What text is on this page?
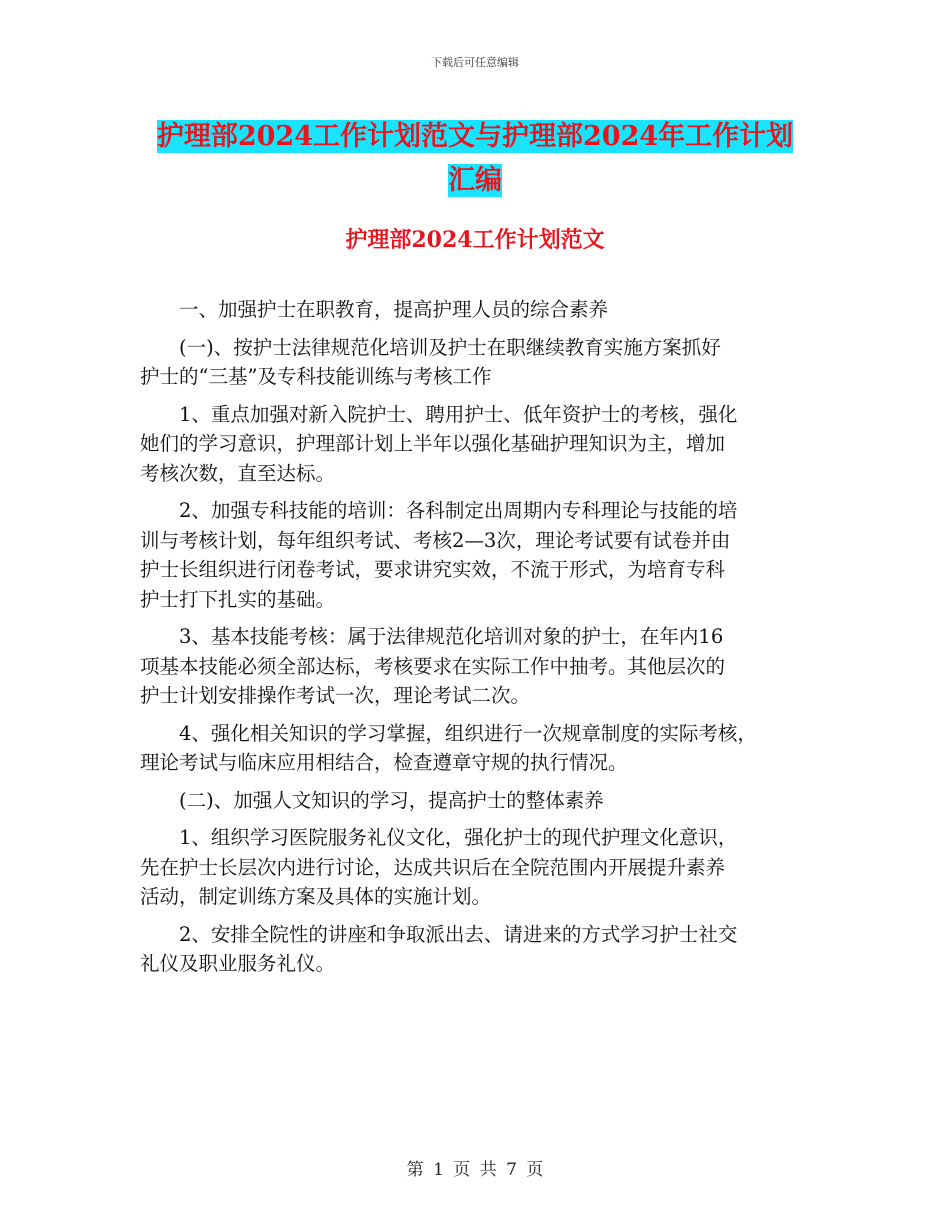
下载后可任意编辑
护理部2024工作计划范文与护理部2024年工作计划
汇编
护理部2024工作计划范文
　　一、加强护士在职教育，提高护理人员的综合素养
　　(一)、按护士法律规范化培训及护士在职继续教育实施方案抓好
护士的“三基”及专科技能训练与考核工作
　　1、重点加强对新入院护士、聘用护士、低年资护士的考核，强化
她们的学习意识，护理部计划上半年以强化基础护理知识为主，增加
考核次数，直至达标。
　　2、加强专科技能的培训：各科制定出周期内专科理论与技能的培
训与考核计划，每年组织考试、考核2—3次，理论考试要有试卷并由
护士长组织进行闭卷考试，要求讲究实效，不流于形式，为培育专科
护士打下扎实的基础。
　　3、基本技能考核：属于法律规范化培训对象的护士，在年内16
项基本技能必须全部达标，考核要求在实际工作中抽考。其他层次的
护士计划安排操作考试一次，理论考试二次。
　　4、强化相关知识的学习掌握，组织进行一次规章制度的实际考核，
理论考试与临床应用相结合，检查遵章守规的执行情况。
　　(二)、加强人文知识的学习，提高护士的整体素养
　　1、组织学习医院服务礼仪文化，强化护士的现代护理文化意识，
先在护士长层次内进行讨论，达成共识后在全院范围内开展提升素养
活动，制定训练方案及具体的实施计划。
　　2、安排全院性的讲座和争取派出去、请进来的方式学习护士社交
礼仪及职业服务礼仪。
第 1 页 共 7 页
